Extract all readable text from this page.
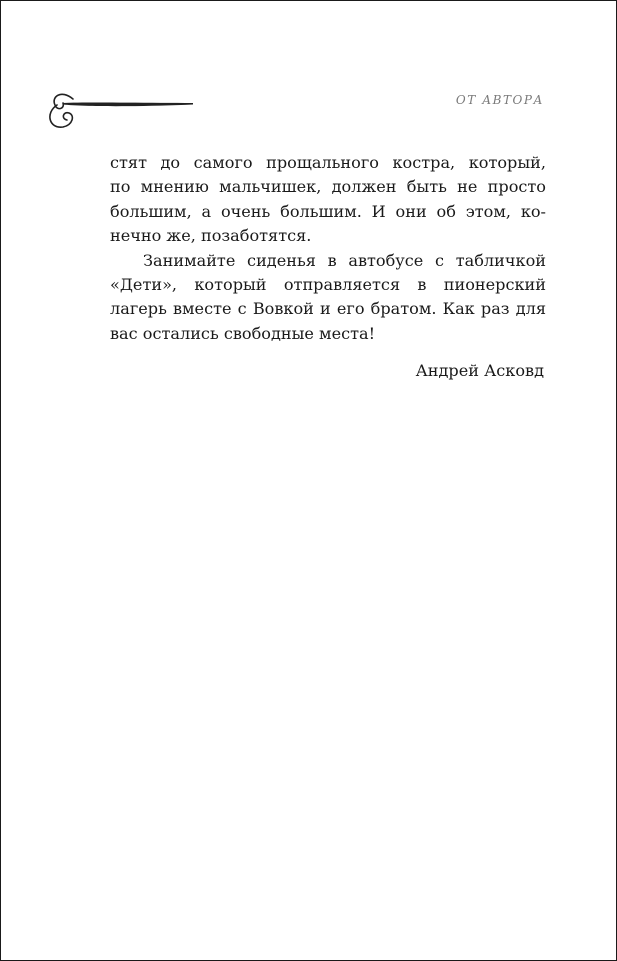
ОТ АВТОРА

стят до самого прощального костра, который,

по мнению мальчишек, должен быть не просто

большим, а очень большим. И они об этом, ко-

нечно же, позаботятся.

Занимайте сиденья в автобусе с табличкой

«Дети», который отправляется в пионерский

лагерь вместе с Вовкой и его братом. Как раз для

вас остались свободные места!

Андрей Асковд
